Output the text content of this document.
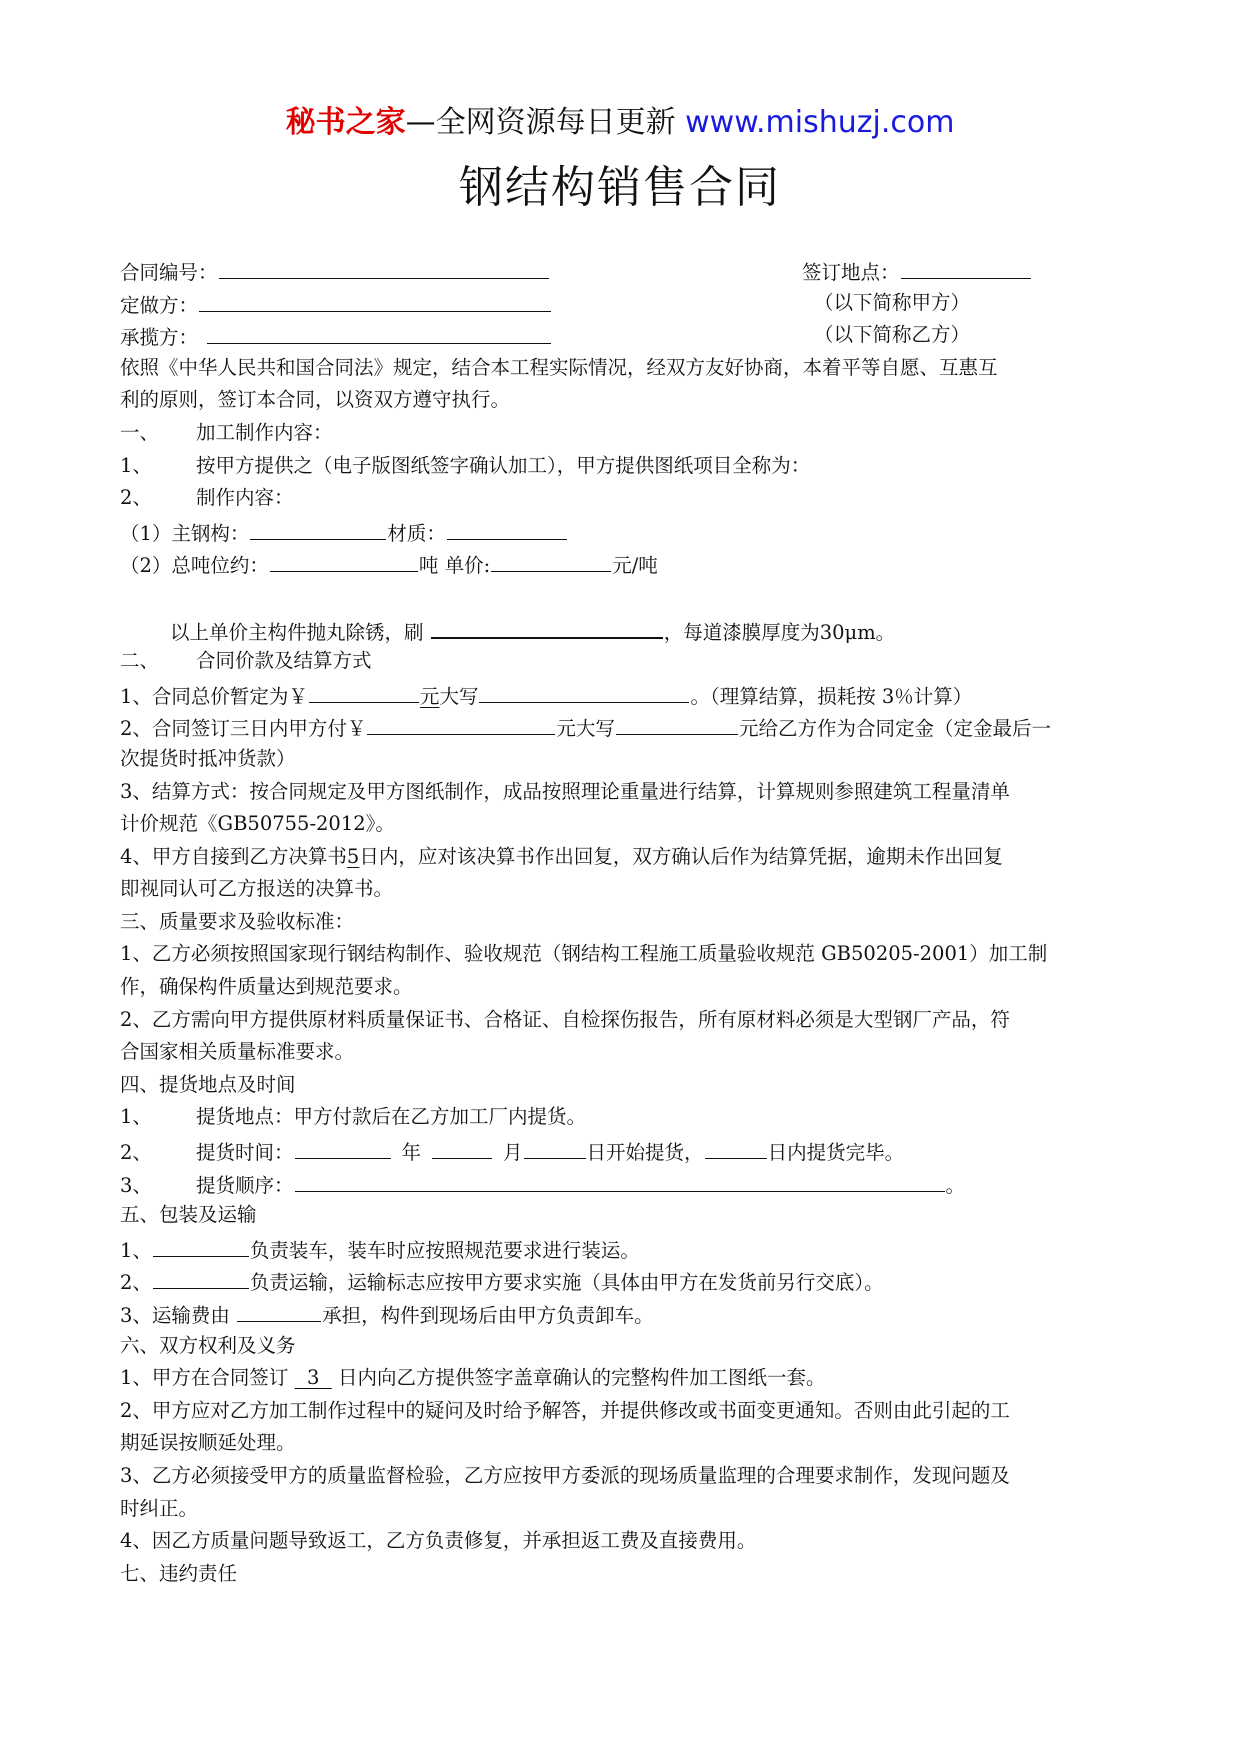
秘书之家—全网资源每日更新 www.mishuzj.com
钢结构销售合同
合同编号：	签订地点：
定做方：	（以下简称甲方）
承揽方：	（以下简称乙方）
依照《中华人民共和国合同法》规定，结合本工程实际情况，经双方友好协商，本着平等自愿、互惠互
利的原则，签订本合同，以资双方遵守执行。
一、 加工制作内容：
1、 按甲方提供之（电子版图纸签字确认加工），甲方提供图纸项目全称为：
2、 制作内容：
（1）主钢构：	材质：
（2）总吨位约：	吨 单价:	元/吨
以上单价主构件抛丸除锈，刷	，每道漆膜厚度为30μm。
二、 合同价款及结算方式
1、合同总价暂定为￥	元大写	。（理算结算，损耗按 3％计算）
2、合同签订三日内甲方付￥	元大写	元给乙方作为合同定金（定金最后一
次提货时抵冲货款）
3、结算方式：按合同规定及甲方图纸制作，成品按照理论重量进行结算，计算规则参照建筑工程量清单
计价规范《GB50755-2012》。
4、甲方自接到乙方决算书5日内，应对该决算书作出回复，双方确认后作为结算凭据，逾期未作出回复
即视同认可乙方报送的决算书。
三、质量要求及验收标准：
1、乙方必须按照国家现行钢结构制作、验收规范（钢结构工程施工质量验收规范 GB50205-2001）加工制
作，确保构件质量达到规范要求。
2、乙方需向甲方提供原材料质量保证书、合格证、自检探伤报告，所有原材料必须是大型钢厂产品，符
合国家相关质量标准要求。
四、提货地点及时间
1、 提货地点：甲方付款后在乙方加工厂内提货。
2、 提货时间：	年	月	日开始提货，	日内提货完毕。
3、 提货顺序：	。
五、包装及运输
1、	负责装车，装车时应按照规范要求进行装运。
2、	负责运输，运输标志应按甲方要求实施（具体由甲方在发货前另行交底）。
3、运输费由	承担，构件到现场后由甲方负责卸车。
六、双方权利及义务
1、甲方在合同签订   3   日内向乙方提供签字盖章确认的完整构件加工图纸一套。
2、甲方应对乙方加工制作过程中的疑问及时给予解答，并提供修改或书面变更通知。否则由此引起的工
期延误按顺延处理。
3、乙方必须接受甲方的质量监督检验，乙方应按甲方委派的现场质量监理的合理要求制作，发现问题及
时纠正。
4、因乙方质量问题导致返工，乙方负责修复，并承担返工费及直接费用。
七、违约责任
